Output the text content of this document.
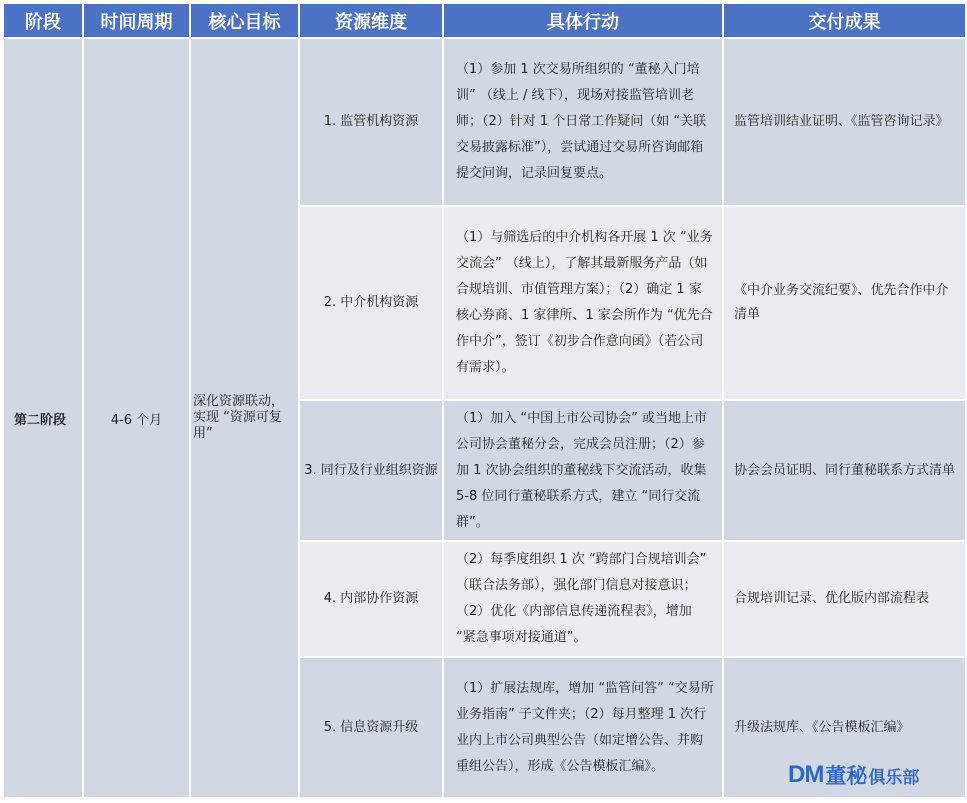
阶段	时间周期	核心目标	资源维度	具体行动	交付成果
第二阶段	4-6 个月	深化资源联动，实现 “资源可复用”	1. 监管机构资源	（1）参加 1 次交易所组织的 “董秘入门培训” （线上 / 线下），现场对接监管培训老师；（2）针对 1 个日常工作疑问（如 “关联交易披露标准”），尝试通过交易所咨询邮箱提交问询，记录回复要点。	监管培训结业证明、《监管咨询记录》
			2. 中介机构资源	（1）与筛选后的中介机构各开展 1 次 “业务交流会” （线上），了解其最新服务产品（如合规培训、市值管理方案）；（2）确定 1 家核心券商、1 家律所、1 家会所作为 “优先合作中介”，签订《初步合作意向函》（若公司有需求）。	《中介业务交流纪要》、优先合作中介清单
			3. 同行及行业组织资源	（1）加入 “中国上市公司协会” 或当地上市公司协会董秘分会，完成会员注册；（2）参加 1 次协会组织的董秘线下交流活动，收集 5-8 位同行董秘联系方式，建立 “同行交流群”。	协会会员证明、同行董秘联系方式清单
			4. 内部协作资源	（2）每季度组织 1 次 “跨部门合规培训会” （联合法务部），强化部门信息对接意识；（2）优化《内部信息传递流程表》，增加 “紧急事项对接通道”。	合规培训记录、优化版内部流程表
			5. 信息资源升级	（1）扩展法规库，增加 “监管问答” “交易所业务指南” 子文件夹；（2）每月整理 1 次行业内上市公司典型公告（如定增公告、并购重组公告），形成《公告模板汇编》。	升级法规库、《公告模板汇编》
DM 董秘 俱乐部
